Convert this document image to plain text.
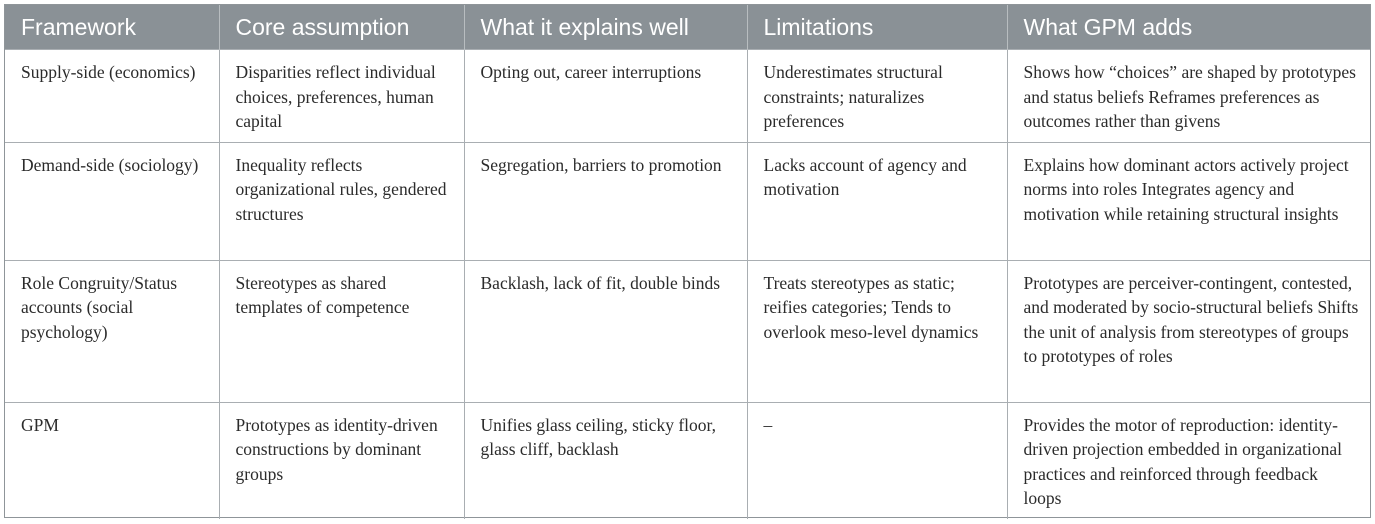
Framework	Core assumption	What it explains well	Limitations	What GPM adds
Supply-side (economics)	Disparities reflect individual choices, preferences, human capital	Opting out, career interruptions	Underestimates structural constraints; naturalizes preferences	Shows how “choices” are shaped by prototypes and status beliefs Reframes preferences as outcomes rather than givens
Demand-side (sociology)	Inequality reflects organizational rules, gendered structures	Segregation, barriers to promotion	Lacks account of agency and motivation	Explains how dominant actors actively project norms into roles Integrates agency and motivation while retaining structural insights
Role Congruity/Status accounts (social psychology)	Stereotypes as shared templates of competence	Backlash, lack of fit, double binds	Treats stereotypes as static; reifies categories; Tends to overlook meso-level dynamics	Prototypes are perceiver-contingent, contested, and moderated by socio-structural beliefs Shifts the unit of analysis from stereotypes of groups to prototypes of roles
GPM	Prototypes as identity-driven constructions by dominant groups	Unifies glass ceiling, sticky floor, glass cliff, backlash	–	Provides the motor of reproduction: identity-driven projection embedded in organizational practices and reinforced through feedback loops
